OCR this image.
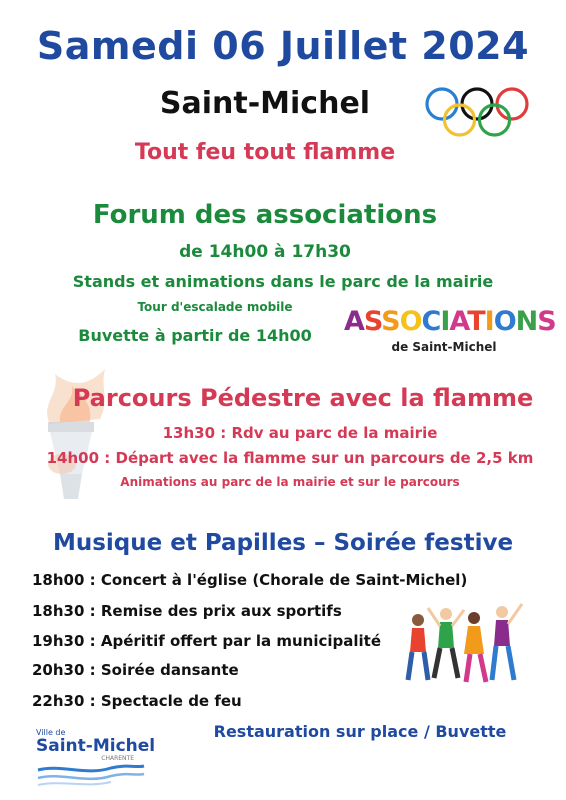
Samedi 06 Juillet 2024
Saint-Michel
Tout feu tout flamme
Forum des associations
de 14h00 à 17h30
Stands et animations dans le parc de la mairie
Tour d'escalade mobile
Buvette à partir de 14h00	ASSOCIATIONS
de Saint-Michel
Parcours Pédestre avec la flamme
13h30 : Rdv au parc de la mairie
14h00 : Départ avec la flamme sur un parcours de 2,5 km
Animations au parc de la mairie et sur le parcours
Musique et Papilles – Soirée festive
18h00 : Concert à l'église (Chorale de Saint-Michel)
18h30 : Remise des prix aux sportifs
19h30 : Apéritif offert par la municipalité
20h30 : Soirée dansante
22h30 : Spectacle de feu
Restauration sur place / Buvette
Ville de
Saint-Michel
CHARENTE
